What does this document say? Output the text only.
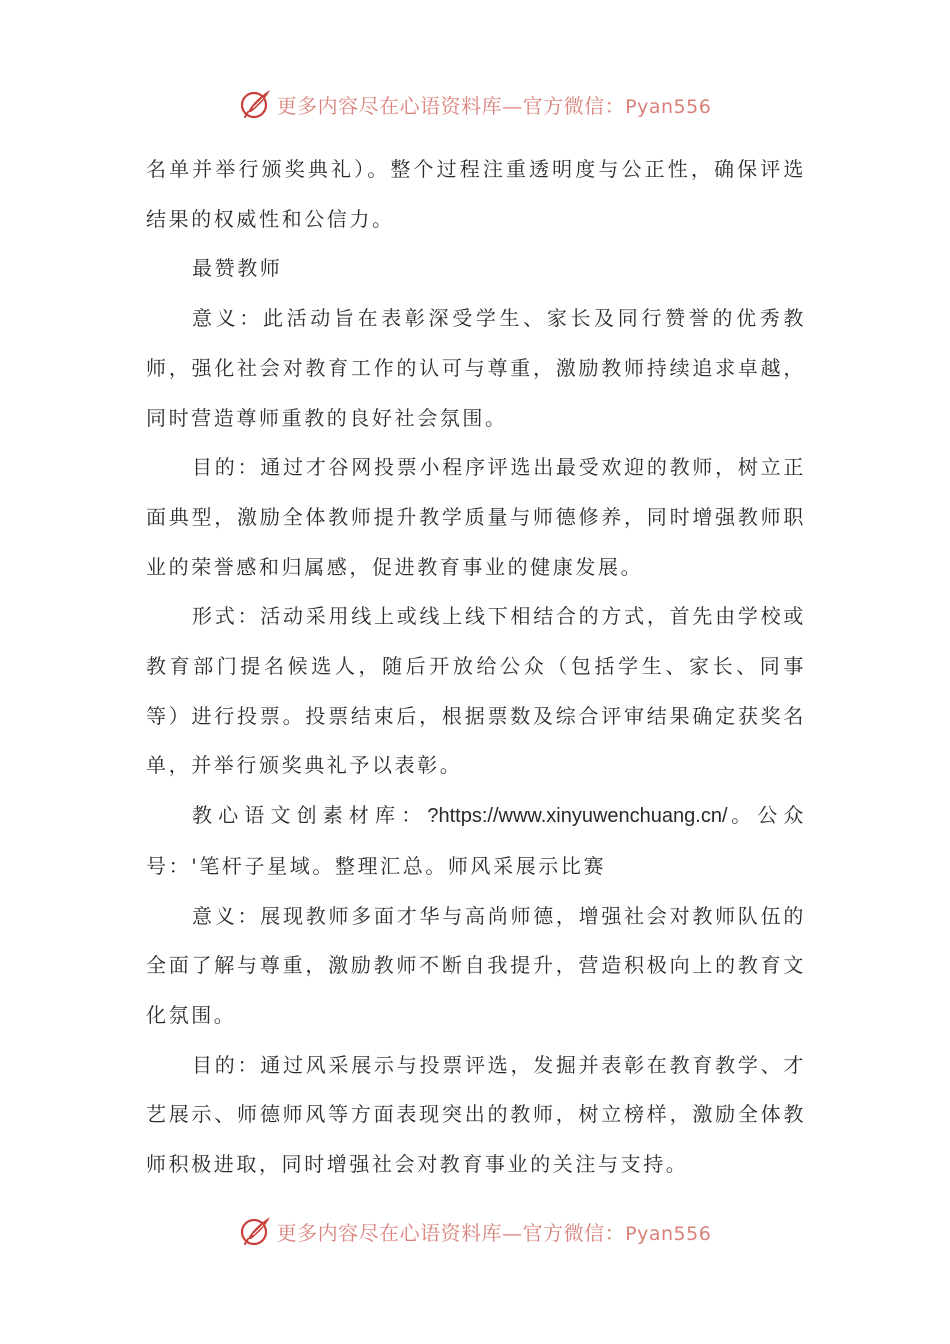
更多内容尽在心语资料库—官方微信：Pyan556

名单并举行颁奖典礼）。整个过程注重透明度与公正性，确保评选结果的权威性和公信力。

最赞教师

意义：此活动旨在表彰深受学生、家长及同行赞誉的优秀教师，强化社会对教育工作的认可与尊重，激励教师持续追求卓越，同时营造尊师重教的良好社会氛围。

目的：通过才谷网投票小程序评选出最受欢迎的教师，树立正面典型，激励全体教师提升教学质量与师德修养，同时增强教师职业的荣誉感和归属感，促进教育事业的健康发展。

形式：活动采用线上或线上线下相结合的方式，首先由学校或教育部门提名候选人，随后开放给公众（包括学生、家长、同事等）进行投票。投票结束后，根据票数及综合评审结果确定获奖名单，并举行颁奖典礼予以表彰。

教心语文创素材库：?https://www.xinyuwenchuang.cn/。公众号：'笔杆子星域。整理汇总。师风采展示比赛

意义：展现教师多面才华与高尚师德，增强社会对教师队伍的全面了解与尊重，激励教师不断自我提升，营造积极向上的教育文化氛围。

目的：通过风采展示与投票评选，发掘并表彰在教育教学、才艺展示、师德师风等方面表现突出的教师，树立榜样，激励全体教师积极进取，同时增强社会对教育事业的关注与支持。

更多内容尽在心语资料库—官方微信：Pyan556
